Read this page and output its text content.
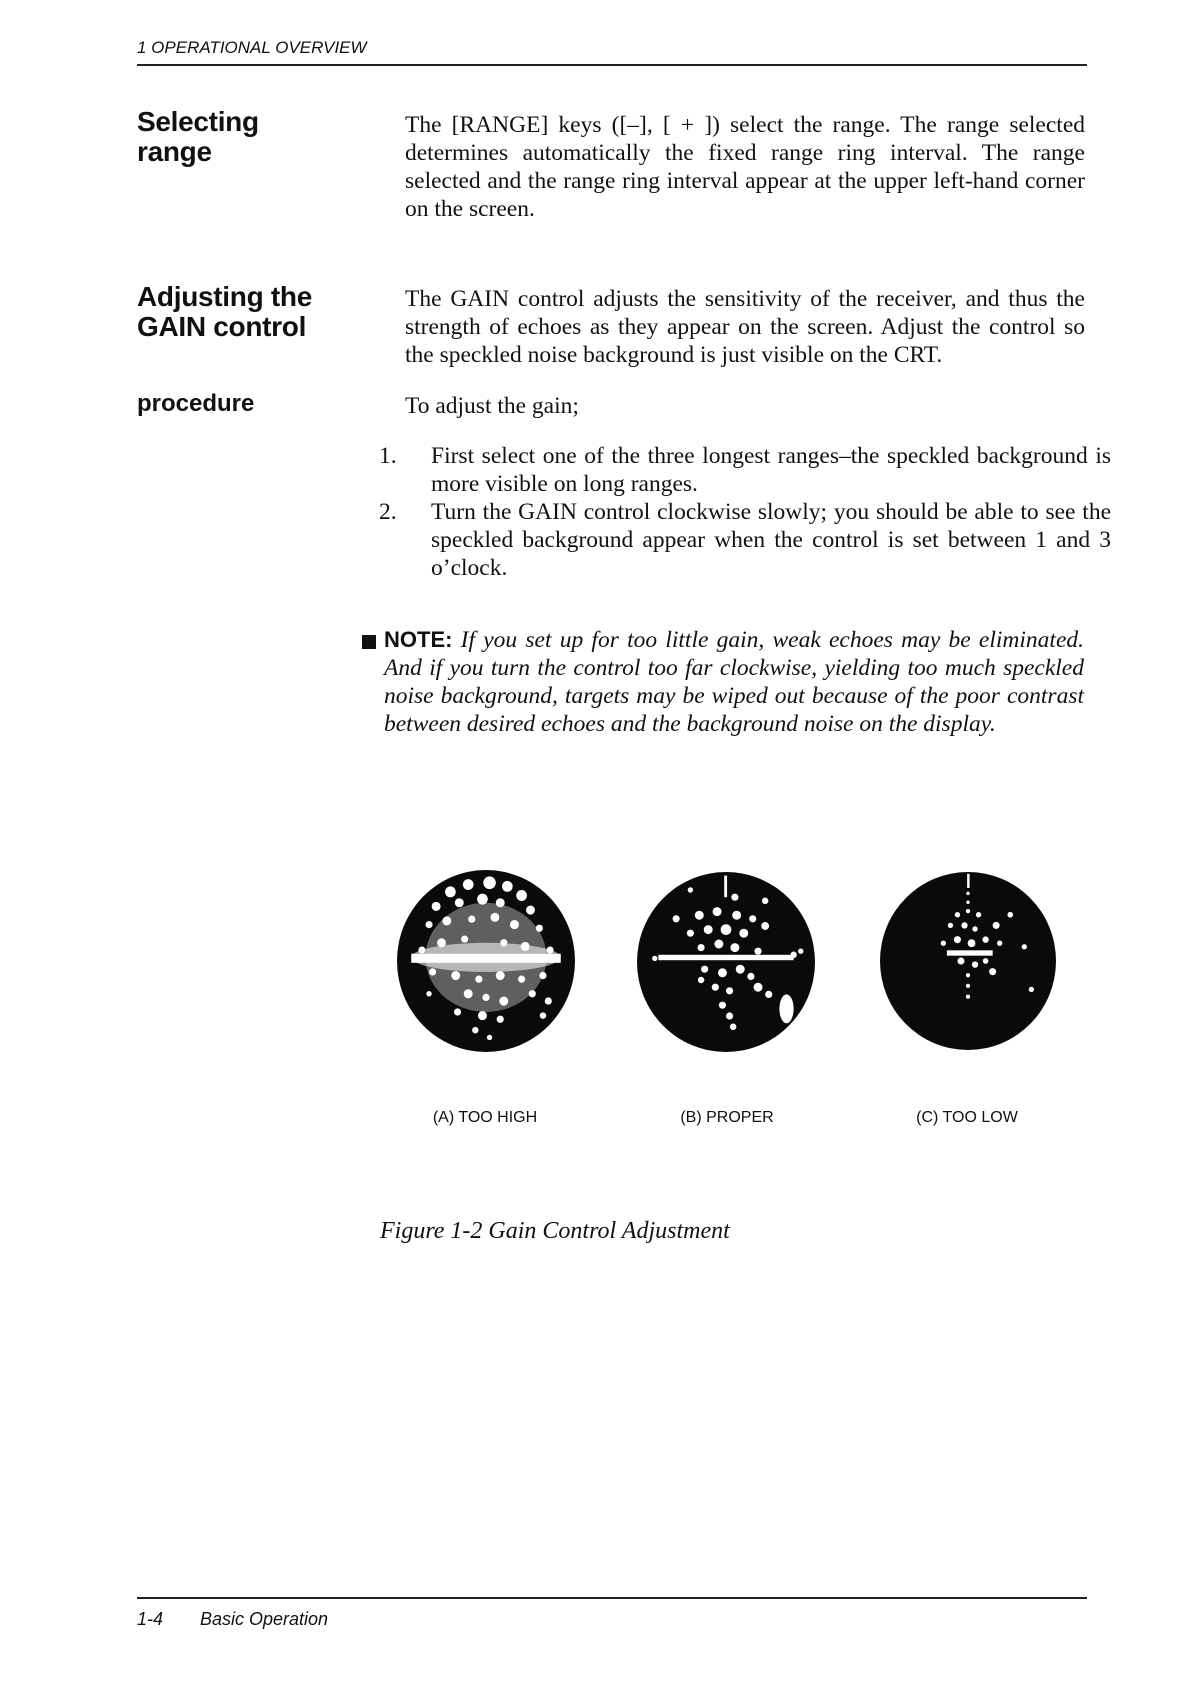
1 OPERATIONAL OVERVIEW
Selecting
range
The [RANGE] keys ([–], [ + ]) select the range. The range selected determines automatically the fixed range ring interval. The range selected and the range ring interval appear at the upper left-hand corner on the screen.
Adjusting the
GAIN control
The GAIN control adjusts the sensitivity of the receiver, and thus the strength of echoes as they appear on the screen. Adjust the control so the speckled noise background is just visible on the CRT.
procedure	To adjust the gain;
1. First select one of the three longest ranges–the speckled background is more visible on long ranges.
2. Turn the GAIN control clockwise slowly; you should be able to see the speckled background appear when the control is set between 1 and 3 o’clock.
NOTE: If you set up for too little gain, weak echoes may be eliminated. And if you turn the control too far clockwise, yielding too much speckled noise background, targets may be wiped out because of the poor contrast between desired echoes and the background noise on the display.
(A) TOO HIGH	(B) PROPER	(C) TOO LOW
Figure 1-2 Gain Control Adjustment
1-4 Basic Operation
